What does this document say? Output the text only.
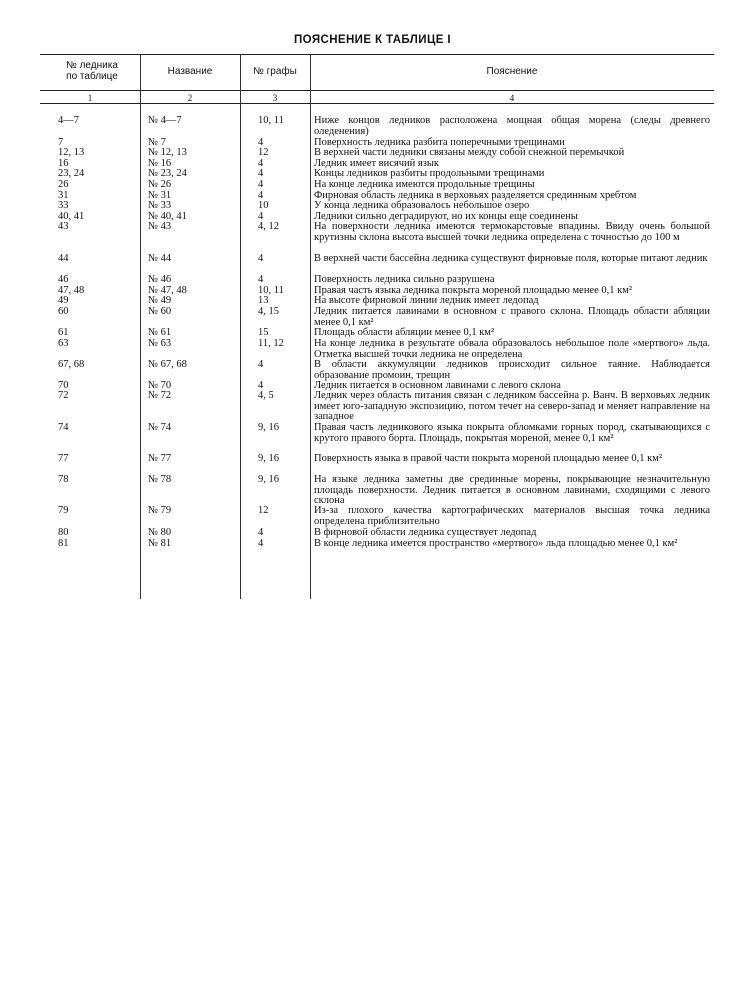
ПОЯСНЕНИЕ К ТАБЛИЦЕ I
№ ледника по таблице	Название	№ графы	Пояснение
1	2	3	4
4—7	№ 4—7	10, 11	Ниже концов ледников расположена мощная общая морена (следы древнего оледенения)
7	№ 7	4	Поверхность ледника разбита поперечными трещинами
12, 13	№ 12, 13	12	В верхней части ледники связаны между собой снежной перемычкой
16	№ 16	4	Ледник имеет висячий язык
23, 24	№ 23, 24	4	Концы ледников разбиты продольными трещинами
26	№ 26	4	На конце ледника имеются продольные трещины
31	№ 31	4	Фирновая область ледника в верховьях разделяется срединным хребтом
33	№ 33	10	У конца ледника образовалось небольшое озеро
40, 41	№ 40, 41	4	Ледники сильно деградируют, но их концы еще соединены
43	№ 43	4, 12	На поверхности ледника имеются термокарстовые впадины. Ввиду очень большой крутизны склона высота высшей точки ледника определена с точностью до 100 м
44	№ 44	4	В верхней части бассейна ледника существуют фирновые поля, которые питают ледник
46	№ 46	4	Поверхность ледника сильно разрушена
47, 48	№ 47, 48	10, 11	Правая часть языка ледника покрыта мореной площадью менее 0,1 км²
49	№ 49	13	На высоте фирновой линии ледник имеет ледопад
60	№ 60	4, 15	Ледник питается лавинами в основном с правого склона. Площадь области абляции менее 0,1 км²
61	№ 61	15	Площадь области абляции менее 0,1 км²
63	№ 63	11, 12	На конце ледника в результате обвала образовалось небольшое поле «мертвого» льда. Отметка высшей точки ледника не определена
67, 68	№ 67, 68	4	В области аккумуляции ледников происходит сильное таяние. Наблюдается образование промоин, трещин
70	№ 70	4	Ледник питается в основном лавинами с левого склона
72	№ 72	4, 5	Ледник через область питания связан с ледником бассейна р. Ванч. В верховьях ледник имеет юго-западную экспозицию, потом течет на северо-запад и меняет направление на западное
74	№ 74	9, 16	Правая часть ледникового языка покрыта обломками горных пород, скатывающихся с крутого правого борта. Площадь, покрытая мореной, менее 0,1 км²
77	№ 77	9, 16	Поверхность языка в правой части покрыта мореной площадью менее 0,1 км²
78	№ 78	9, 16	На языке ледника заметны две срединные морены, покрывающие незначительную площадь поверхности. Ледник питается в основном лавинами, сходящими с левого склона
79	№ 79	12	Из-за плохого качества картографических материалов высшая точка ледника определена приблизительно
80	№ 80	4	В фирновой области ледника существует ледопад
81	№ 81	4	В конце ледника имеется пространство «мертвого» льда площадью менее 0,1 км²
